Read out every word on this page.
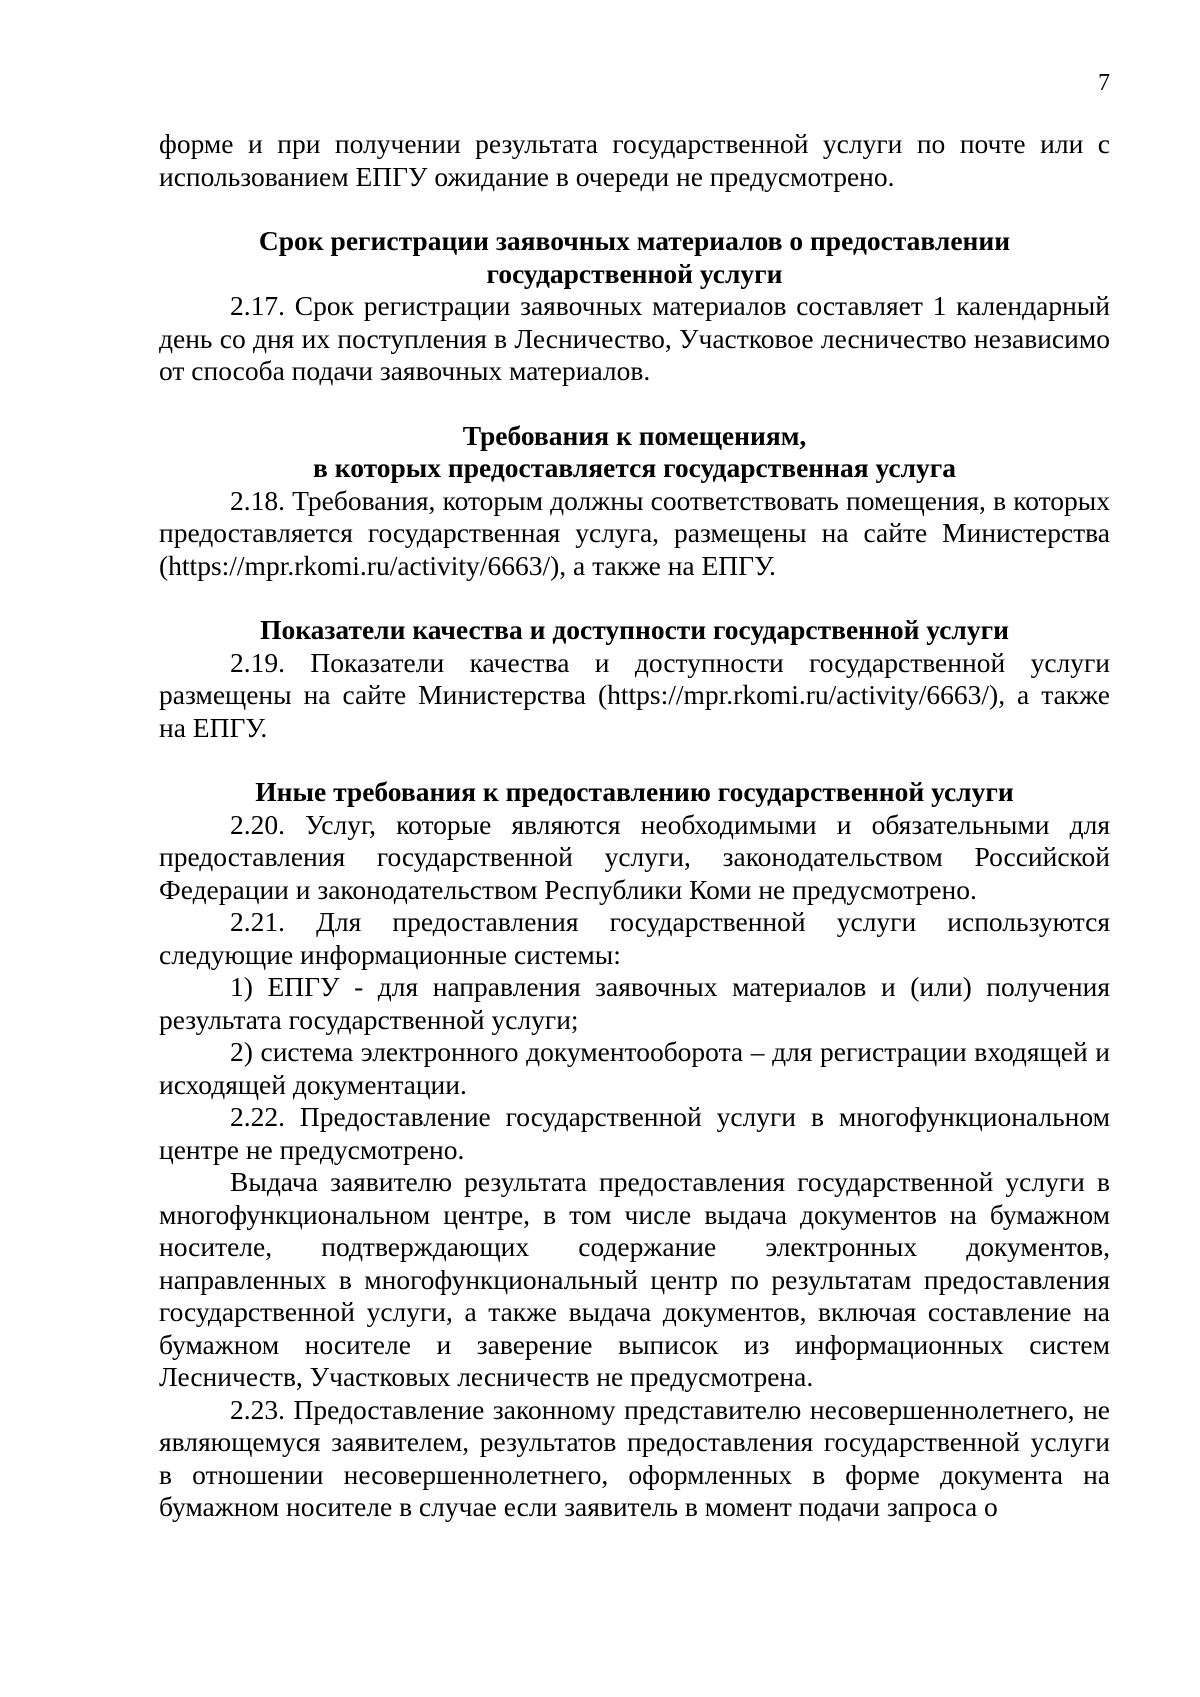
7

форме и при получении результата государственной услуги по почте или с использованием ЕПГУ ожидание в очереди не предусмотрено.

Срок регистрации заявочных материалов о предоставлении

государственной услуги

2.17. Срок регистрации заявочных материалов составляет 1 календарный день со дня их поступления в Лесничество, Участковое лесничество независимо от способа подачи заявочных материалов.

Требования к помещениям,

в которых предоставляется государственная услуга

2.18. Требования, которым должны соответствовать помещения, в которых предоставляется государственная услуга, размещены на сайте Министерства (https://mpr.rkomi.ru/activity/6663/), а также на ЕПГУ.

Показатели качества и доступности государственной услуги

2.19. Показатели качества и доступности государственной услуги размещены на сайте Министерства (https://mpr.rkomi.ru/activity/6663/), а также на ЕПГУ.

Иные требования к предоставлению государственной услуги

2.20. Услуг, которые являются необходимыми и обязательными для предоставления государственной услуги, законодательством Российской Федерации и законодательством Республики Коми не предусмотрено.

2.21. Для предоставления государственной услуги используются следующие информационные системы:

1) ЕПГУ - для направления заявочных материалов и (или) получения результата государственной услуги;

2) система электронного документооборота – для регистрации входящей и исходящей документации.

2.22. Предоставление государственной услуги в многофункциональном центре не предусмотрено.

Выдача заявителю результата предоставления государственной услуги в многофункциональном центре, в том числе выдача документов на бумажном носителе, подтверждающих содержание электронных документов, направленных в многофункциональный центр по результатам предоставления государственной услуги, а также выдача документов, включая составление на бумажном носителе и заверение выписок из информационных систем Лесничеств, Участковых лесничеств не предусмотрена.

2.23. Предоставление законному представителю несовершеннолетнего, не являющемуся заявителем, результатов предоставления государственной услуги в отношении несовершеннолетнего, оформленных в форме документа на бумажном носителе в случае если заявитель в момент подачи запроса о
